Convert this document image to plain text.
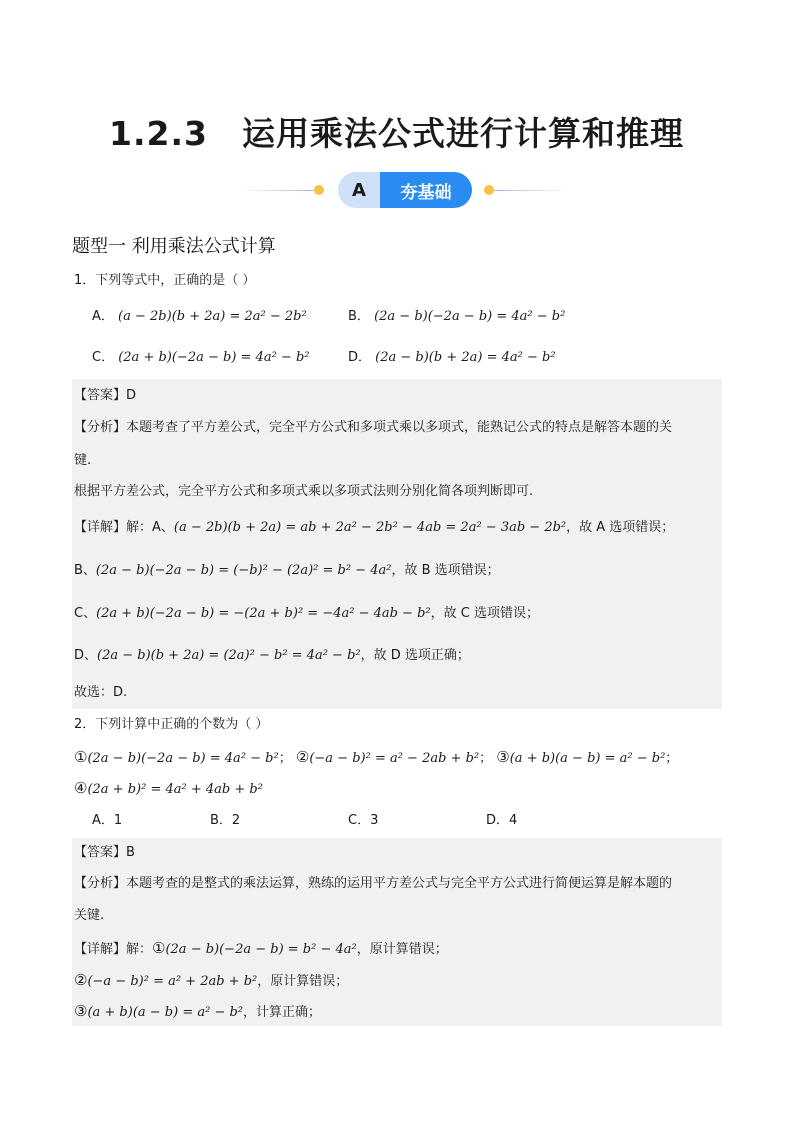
1.2.3　运用乘法公式进行计算和推理
A	夯基础
题型一 利用乘法公式计算
1．下列等式中，正确的是（ ）
A． (a − 2b)(b + 2a) = 2a² − 2b²	B． (2a − b)(−2a − b) = 4a² − b²
C． (2a + b)(−2a − b) = 4a² − b²	D． (2a − b)(b + 2a) = 4a² − b²
【答案】D
【分析】本题考查了平方差公式，完全平方公式和多项式乘以多项式，能熟记公式的特点是解答本题的关
键.
根据平方差公式，完全平方公式和多项式乘以多项式法则分别化简各项判断即可.
【详解】解：A、(a − 2b)(b + 2a) = ab + 2a² − 2b² − 4ab = 2a² − 3ab − 2b²，故 A 选项错误；
B、(2a − b)(−2a − b) = (−b)² − (2a)² = b² − 4a²，故 B 选项错误；
C、(2a + b)(−2a − b) = −(2a + b)² = −4a² − 4ab − b²，故 C 选项错误；
D、(2a − b)(b + 2a) = (2a)² − b² = 4a² − b²，故 D 选项正确；
故选：D.
2．下列计算中正确的个数为（ ）
①(2a − b)(−2a − b) = 4a² − b²； ②(−a − b)² = a² − 2ab + b²； ③(a + b)(a − b) = a² − b²；
④(2a + b)² = 4a² + 4ab + b²
A．1	B．2	C．3	D．4
【答案】B
【分析】本题考查的是整式的乘法运算，熟练的运用平方差公式与完全平方公式进行简便运算是解本题的
关键.
【详解】解：①(2a − b)(−2a − b) = b² − 4a²，原计算错误；
②(−a − b)² = a² + 2ab + b²，原计算错误；
③(a + b)(a − b) = a² − b²，计算正确；
